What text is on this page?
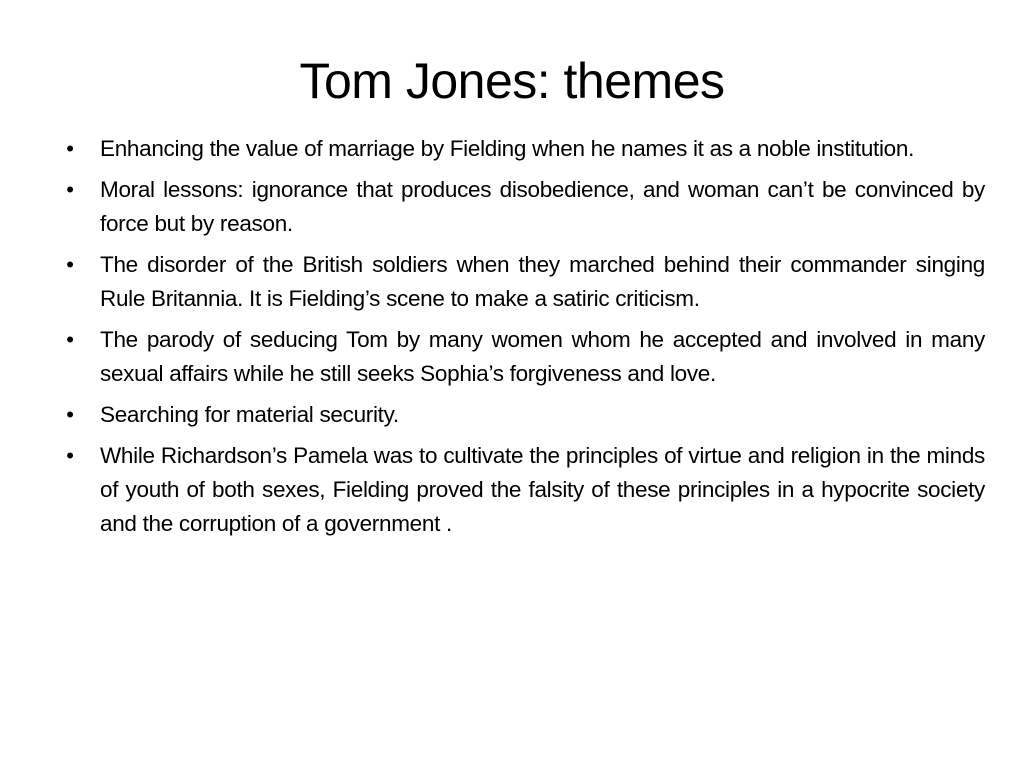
Tom Jones: themes
• Enhancing the value of marriage by Fielding when he names it as a noble institution.
• Moral lessons: ignorance that produces disobedience, and woman can’t be convinced by force but by reason.
• The disorder of the British soldiers when they marched behind their commander singing Rule Britannia. It is Fielding’s scene to make a satiric criticism.
• The parody of seducing Tom by many women whom he accepted and involved in many sexual affairs while he still seeks Sophia’s forgiveness and love.
• Searching for material security.
• While Richardson’s Pamela was to cultivate the principles of virtue and religion in the minds of youth of both sexes, Fielding proved the falsity of these principles in a hypocrite society and the corruption of a government .
